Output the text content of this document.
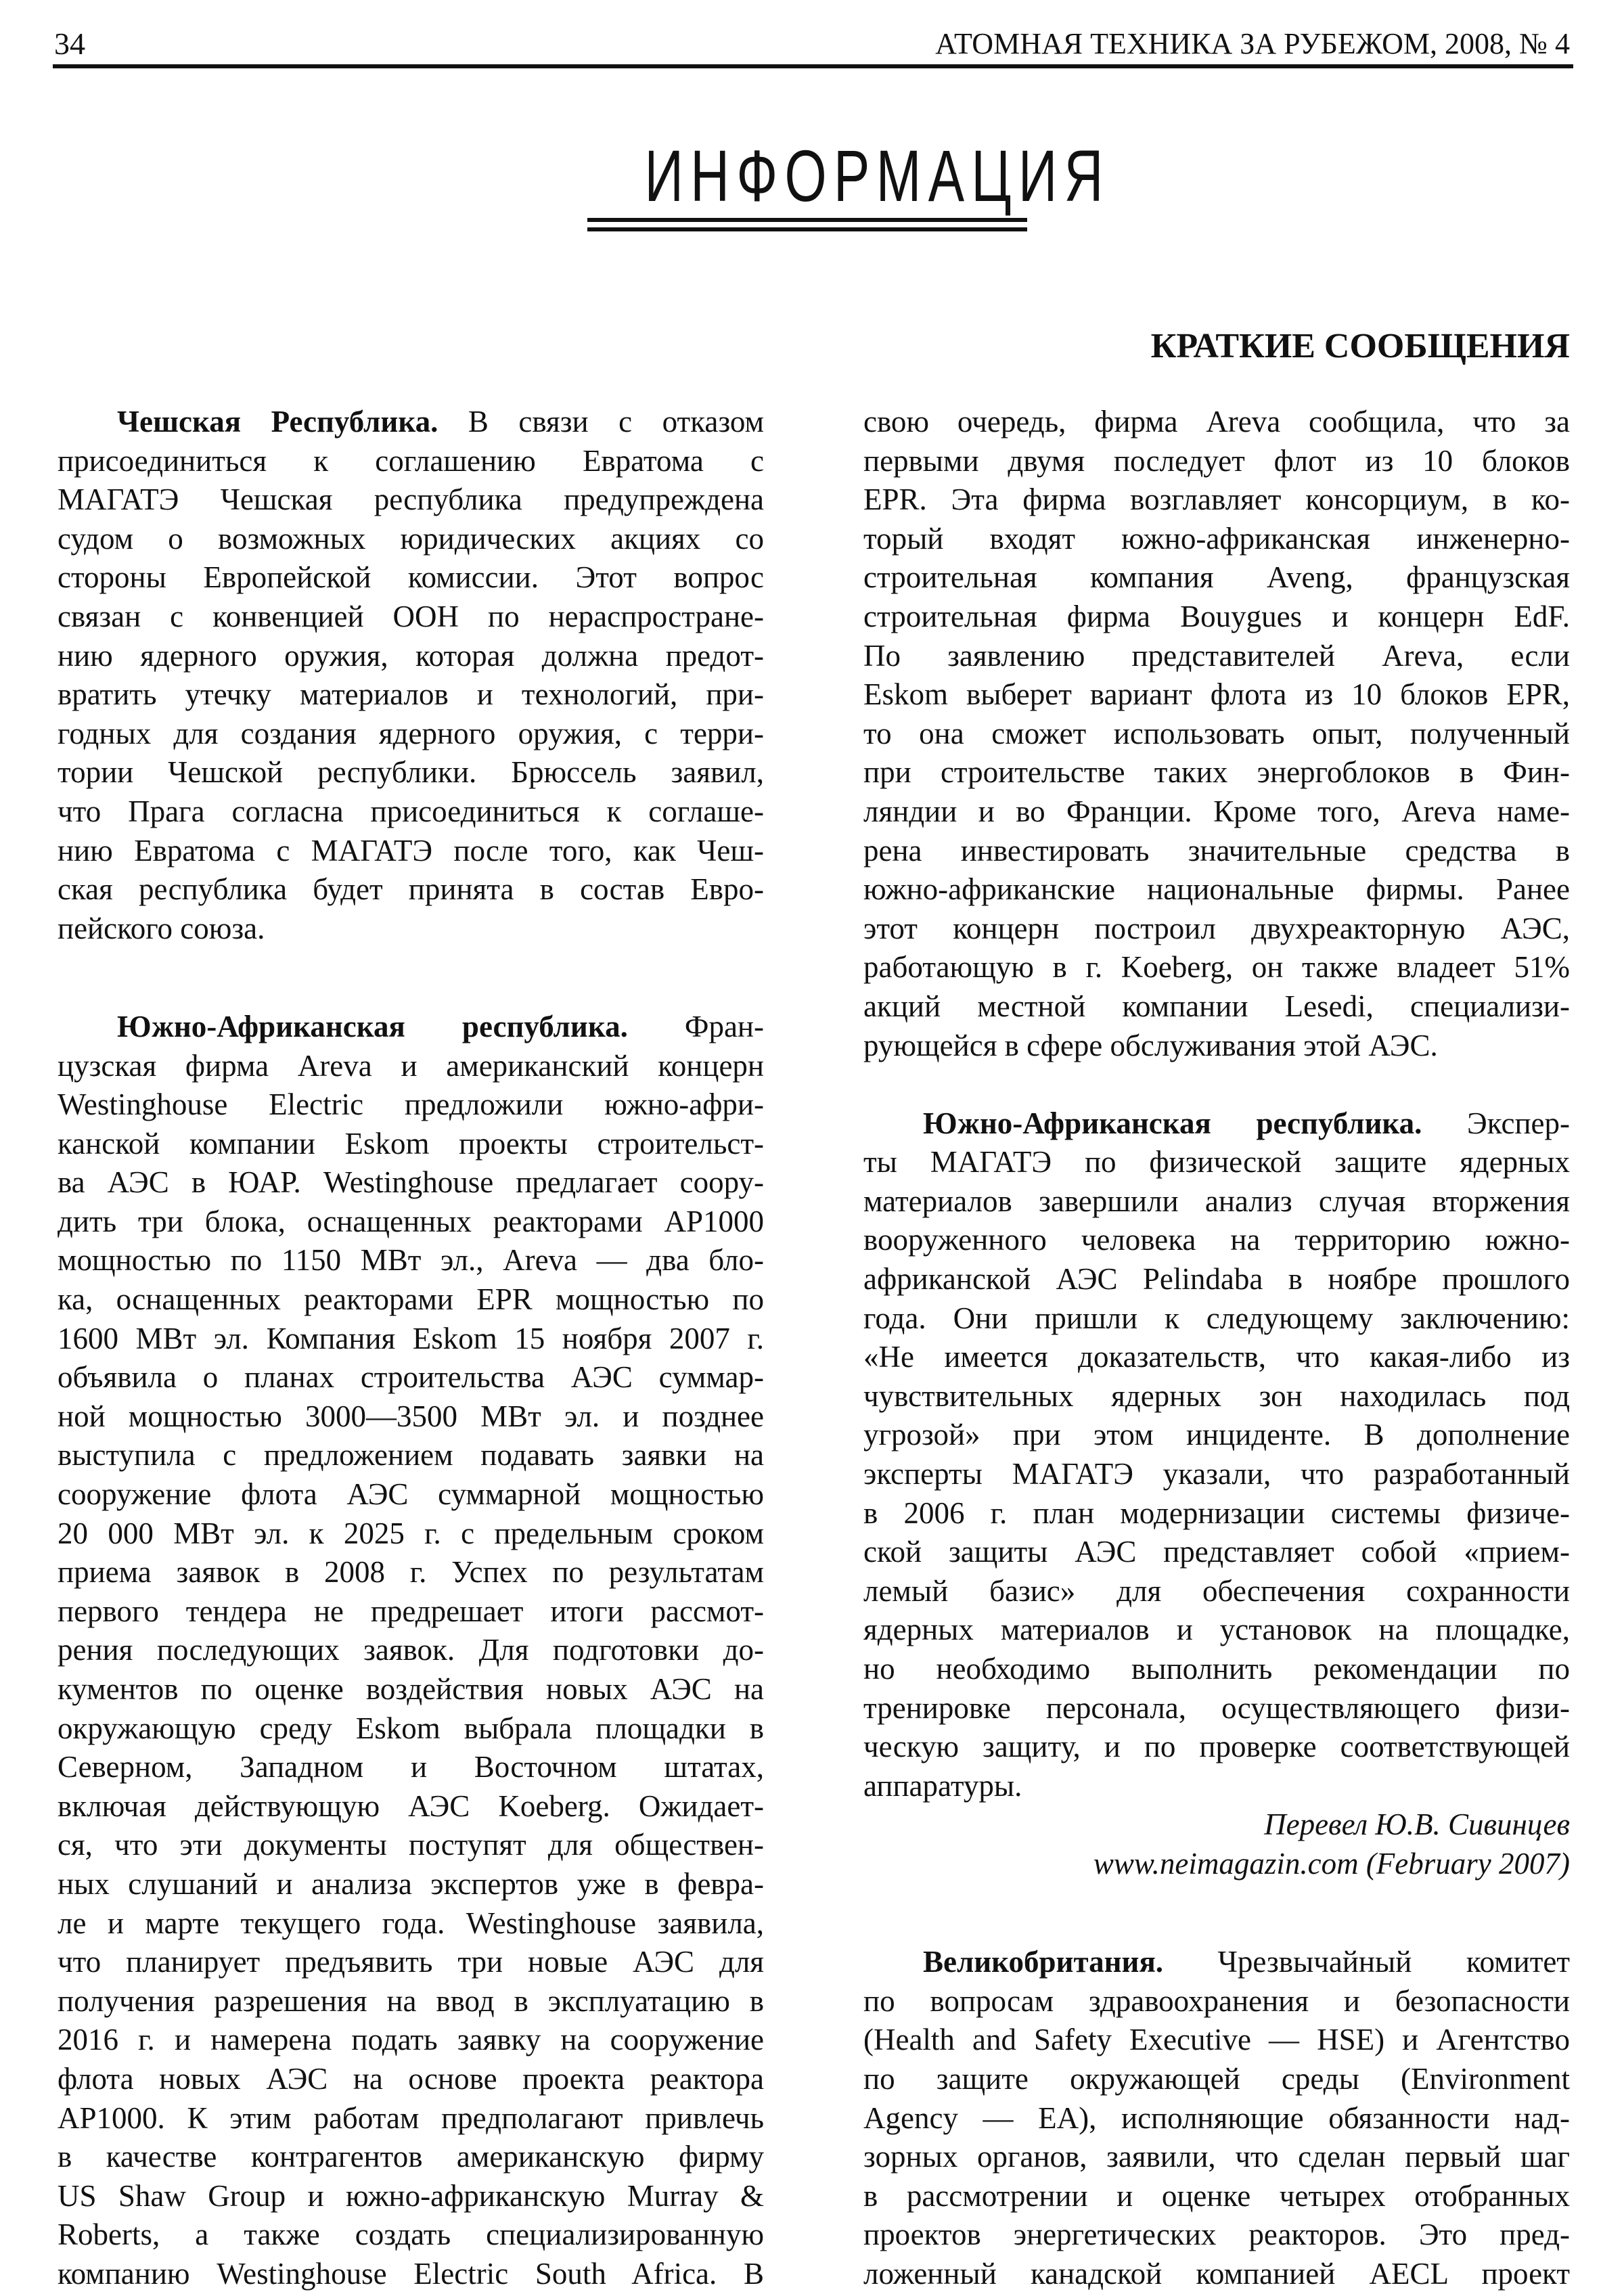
34	АТОМНАЯ ТЕХНИКА ЗА РУБЕЖОМ, 2008, № 4
ИНФОРМАЦИЯ
КРАТКИЕ СООБЩЕНИЯ
Чешская Республика. В связи с отказом
присоединиться к соглашению Евратома с
МАГАТЭ Чешская республика предупреждена
судом о возможных юридических акциях со
стороны Европейской комиссии. Этот вопрос
связан с конвенцией ООН по нераспростране-
нию ядерного оружия, которая должна предот-
вратить утечку материалов и технологий, при-
годных для создания ядерного оружия, с терри-
тории Чешской республики. Брюссель заявил,
что Прага согласна присоединиться к соглаше-
нию Евратома с МАГАТЭ после того, как Чеш-
ская республика будет принята в состав Евро-
пейского союза.
Южно-Африканская республика. Фран-
цузская фирма Areva и американский концерн
Westinghouse Electric предложили южно-афри-
канской компании Eskom проекты строительст-
ва АЭС в ЮАР. Westinghouse предлагает соору-
дить три блока, оснащенных реакторами AP1000
мощностью по 1150 МВт эл., Areva — два бло-
ка, оснащенных реакторами EPR мощностью по
1600 МВт эл. Компания Eskom 15 ноября 2007 г.
объявила о планах строительства АЭС суммар-
ной мощностью 3000—3500 МВт эл. и позднее
выступила с предложением подавать заявки на
сооружение флота АЭС суммарной мощностью
20 000 МВт эл. к 2025 г. с предельным сроком
приема заявок в 2008 г. Успех по результатам
первого тендера не предрешает итоги рассмот-
рения последующих заявок. Для подготовки до-
кументов по оценке воздействия новых АЭС на
окружающую среду Eskom выбрала площадки в
Северном, Западном и Восточном штатах,
включая действующую АЭС Koeberg. Ожидает-
ся, что эти документы поступят для обществен-
ных слушаний и анализа экспертов уже в февра-
ле и марте текущего года. Westinghouse заявила,
что планирует предъявить три новые АЭС для
получения разрешения на ввод в эксплуатацию в
2016 г. и намерена подать заявку на сооружение
флота новых АЭС на основе проекта реактора
AP1000. К этим работам предполагают привлечь
в качестве контрагентов американскую фирму
US Shaw Group и южно-африканскую Murray &
Roberts, а также создать специализированную
компанию Westinghouse Electric South Africa. В
свою очередь, фирма Areva сообщила, что за
первыми двумя последует флот из 10 блоков
EPR. Эта фирма возглавляет консорциум, в ко-
торый входят южно-африканская инженерно-
строительная компания Aveng, французская
строительная фирма Bouygues и концерн EdF.
По заявлению представителей Areva, если
Eskom выберет вариант флота из 10 блоков EPR,
то она сможет использовать опыт, полученный
при строительстве таких энергоблоков в Фин-
ляндии и во Франции. Кроме того, Areva наме-
рена инвестировать значительные средства в
южно-африканские национальные фирмы. Ранее
этот концерн построил двухреакторную АЭС,
работающую в г. Koeberg, он также владеет 51%
акций местной компании Lesedi, специализи-
рующейся в сфере обслуживания этой АЭС.
Южно-Африканская республика. Экспер-
ты МАГАТЭ по физической защите ядерных
материалов завершили анализ случая вторжения
вооруженного человека на территорию южно-
африканской АЭС Pelindaba в ноябре прошлого
года. Они пришли к следующему заключению:
«Не имеется доказательств, что какая-либо из
чувствительных ядерных зон находилась под
угрозой» при этом инциденте. В дополнение
эксперты МАГАТЭ указали, что разработанный
в 2006 г. план модернизации системы физиче-
ской защиты АЭС представляет собой «прием-
лемый базис» для обеспечения сохранности
ядерных материалов и установок на площадке,
но необходимо выполнить рекомендации по
тренировке персонала, осуществляющего физи-
ческую защиту, и по проверке соответствующей
аппаратуры.
Перевел Ю.В. Сивинцев
www.neimagazin.com (February 2007)
Великобритания. Чрезвычайный комитет
по вопросам здравоохранения и безопасности
(Health and Safety Executive — HSE) и Агентство
по защите окружающей среды (Environment
Agency — EA), исполняющие обязанности над-
зорных органов, заявили, что сделан первый шаг
в рассмотрении и оценке четырех отобранных
проектов энергетических реакторов. Это пред-
ложенный канадской компанией AECL проект
